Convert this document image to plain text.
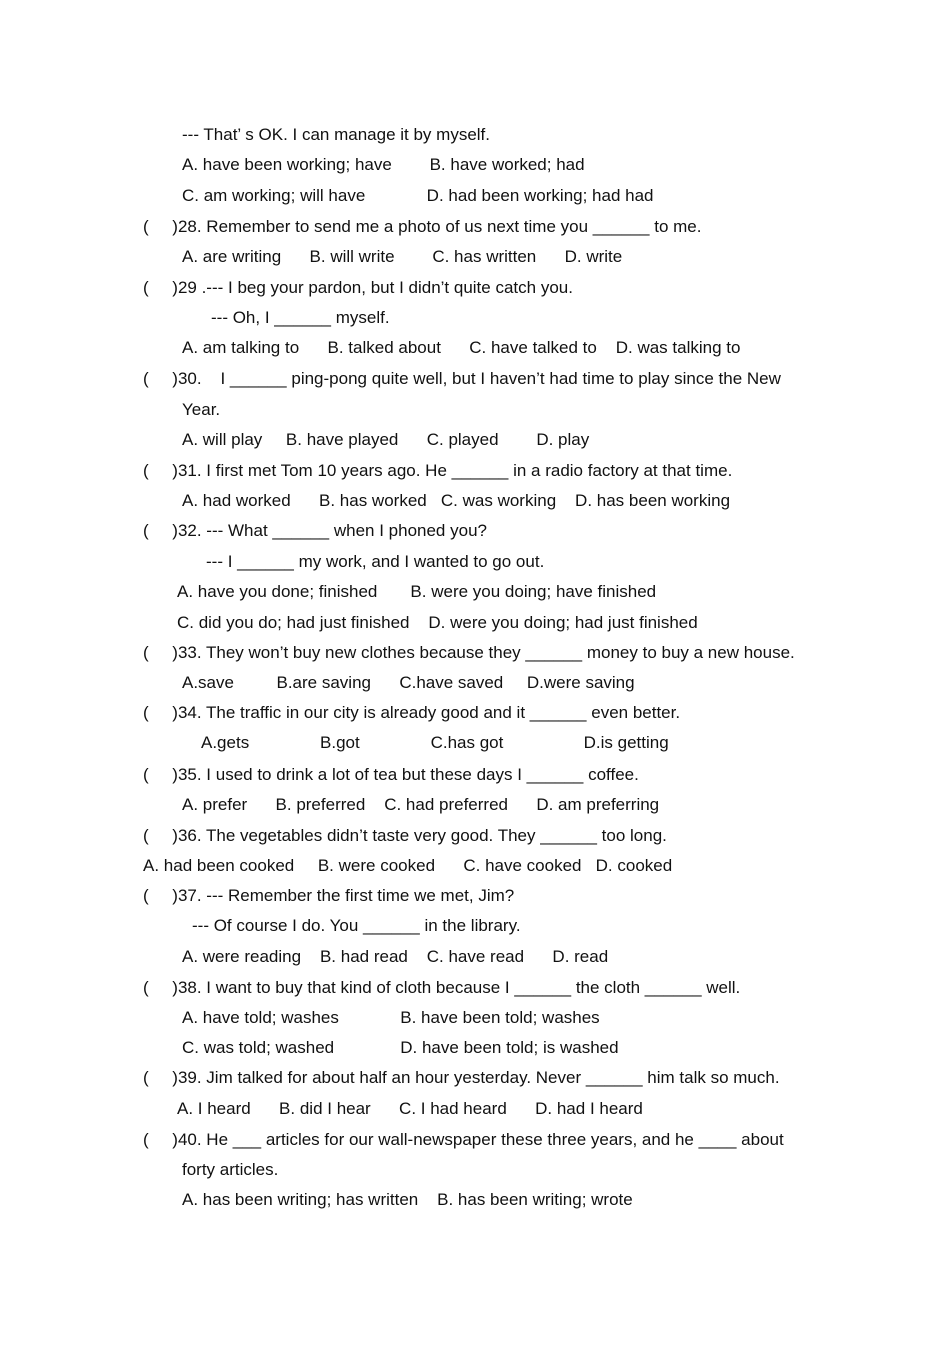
--- That’ s OK. I can manage it by myself.
A. have been working; have        B. have worked; had
C. am working; will have             D. had been working; had had
(     )28. Remember to send me a photo of us next time you ______ to me.
A. are writing      B. will write        C. has written      D. write
(     )29 .--- I beg your pardon, but I didn’t quite catch you.
--- Oh, I ______ myself.
A. am talking to      B. talked about      C. have talked to    D. was talking to
(     )30.    I ______ ping-pong quite well, but I haven’t had time to play since the New
Year.
A. will play     B. have played      C. played        D. play
(     )31. I first met Tom 10 years ago. He ______ in a radio factory at that time.
A. had worked      B. has worked   C. was working    D. has been working
(     )32. --- What ______ when I phoned you?
--- I ______ my work, and I wanted to go out.
A. have you done; finished       B. were you doing; have finished
C. did you do; had just finished    D. were you doing; had just finished
(     )33. They won’t buy new clothes because they ______ money to buy a new house.
A.save         B.are saving      C.have saved     D.were saving
(     )34. The traffic in our city is already good and it ______ even better.
A.gets               B.got               C.has got                 D.is getting
(     )35. I used to drink a lot of tea but these days I ______ coffee.
A. prefer      B. preferred    C. had preferred      D. am preferring
(     )36. The vegetables didn’t taste very good. They ______ too long.
A. had been cooked     B. were cooked      C. have cooked   D. cooked
(     )37. --- Remember the first time we met, Jim?
--- Of course I do. You ______ in the library.
A. were reading    B. had read    C. have read      D. read
(     )38. I want to buy that kind of cloth because I ______ the cloth ______ well.
A. have told; washes             B. have been told; washes
C. was told; washed              D. have been told; is washed
(     )39. Jim talked for about half an hour yesterday. Never ______ him talk so much.
A. I heard      B. did I hear      C. I had heard      D. had I heard
(     )40. He ___ articles for our wall-newspaper these three years, and he ____ about
forty articles.
A. has been writing; has written    B. has been writing; wrote
